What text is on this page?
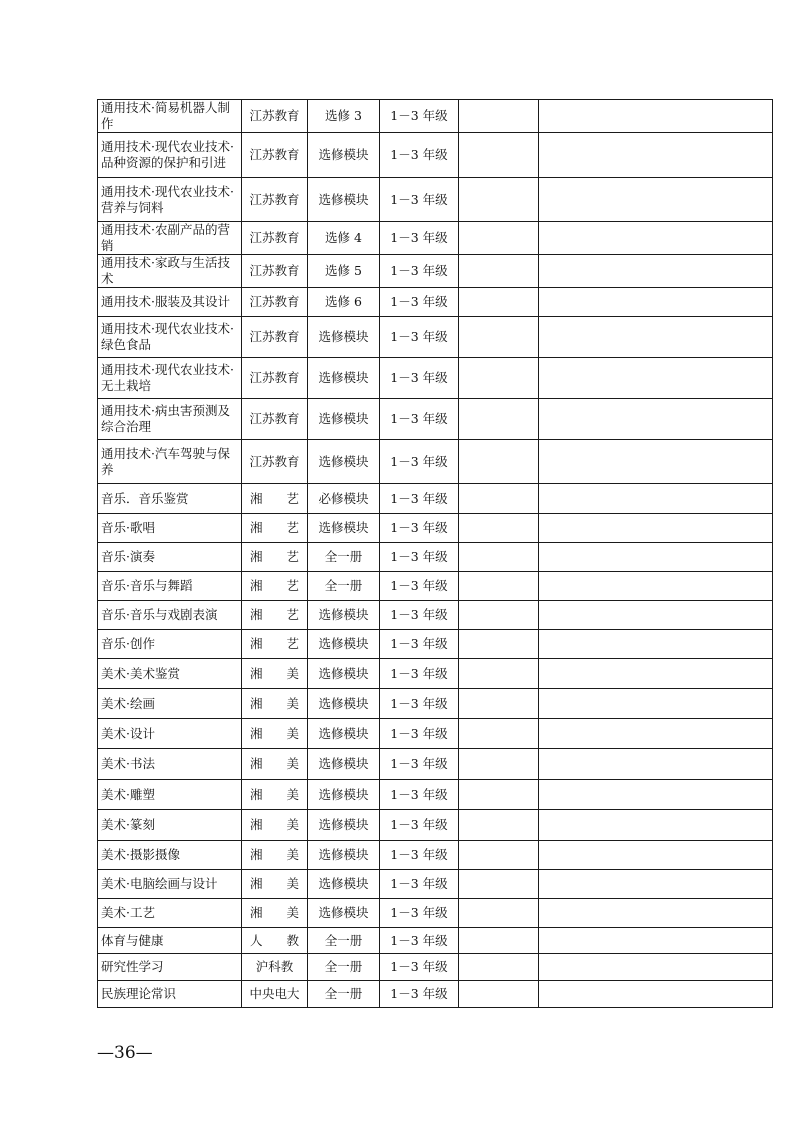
通用技术·简易机器人制作	江苏教育	选修 3	1－3 年级		
通用技术·现代农业技术·品种资源的保护和引进	江苏教育	选修模块	1－3 年级		
通用技术·现代农业技术·营养与饲料	江苏教育	选修模块	1－3 年级		
通用技术·农副产品的营销	江苏教育	选修 4	1－3 年级		
通用技术·家政与生活技术	江苏教育	选修 5	1－3 年级		
通用技术·服装及其设计	江苏教育	选修 6	1－3 年级		
通用技术·现代农业技术·绿色食品	江苏教育	选修模块	1－3 年级		
通用技术·现代农业技术·无土栽培	江苏教育	选修模块	1－3 年级		
通用技术·病虫害预测及综合治理	江苏教育	选修模块	1－3 年级		
通用技术·汽车驾驶与保养	江苏教育	选修模块	1－3 年级		
音乐．音乐鉴赏	湘艺	必修模块	1－3 年级		
音乐·歌唱	湘艺	选修模块	1－3 年级		
音乐·演奏	湘艺	全一册	1－3 年级		
音乐·音乐与舞蹈	湘艺	全一册	1－3 年级		
音乐·音乐与戏剧表演	湘艺	选修模块	1－3 年级		
音乐·创作	湘艺	选修模块	1－3 年级		
美术·美术鉴赏	湘美	选修模块	1－3 年级		
美术·绘画	湘美	选修模块	1－3 年级		
美术·设计	湘美	选修模块	1－3 年级		
美术·书法	湘美	选修模块	1－3 年级		
美术·雕塑	湘美	选修模块	1－3 年级		
美术·篆刻	湘美	选修模块	1－3 年级		
美术·摄影摄像	湘美	选修模块	1－3 年级		
美术·电脑绘画与设计	湘美	选修模块	1－3 年级		
美术·工艺	湘美	选修模块	1－3 年级		
体育与健康	人教	全一册	1－3 年级		
研究性学习	沪科教	全一册	1－3 年级		
民族理论常识	中央电大	全一册	1－3 年级		
—36—
